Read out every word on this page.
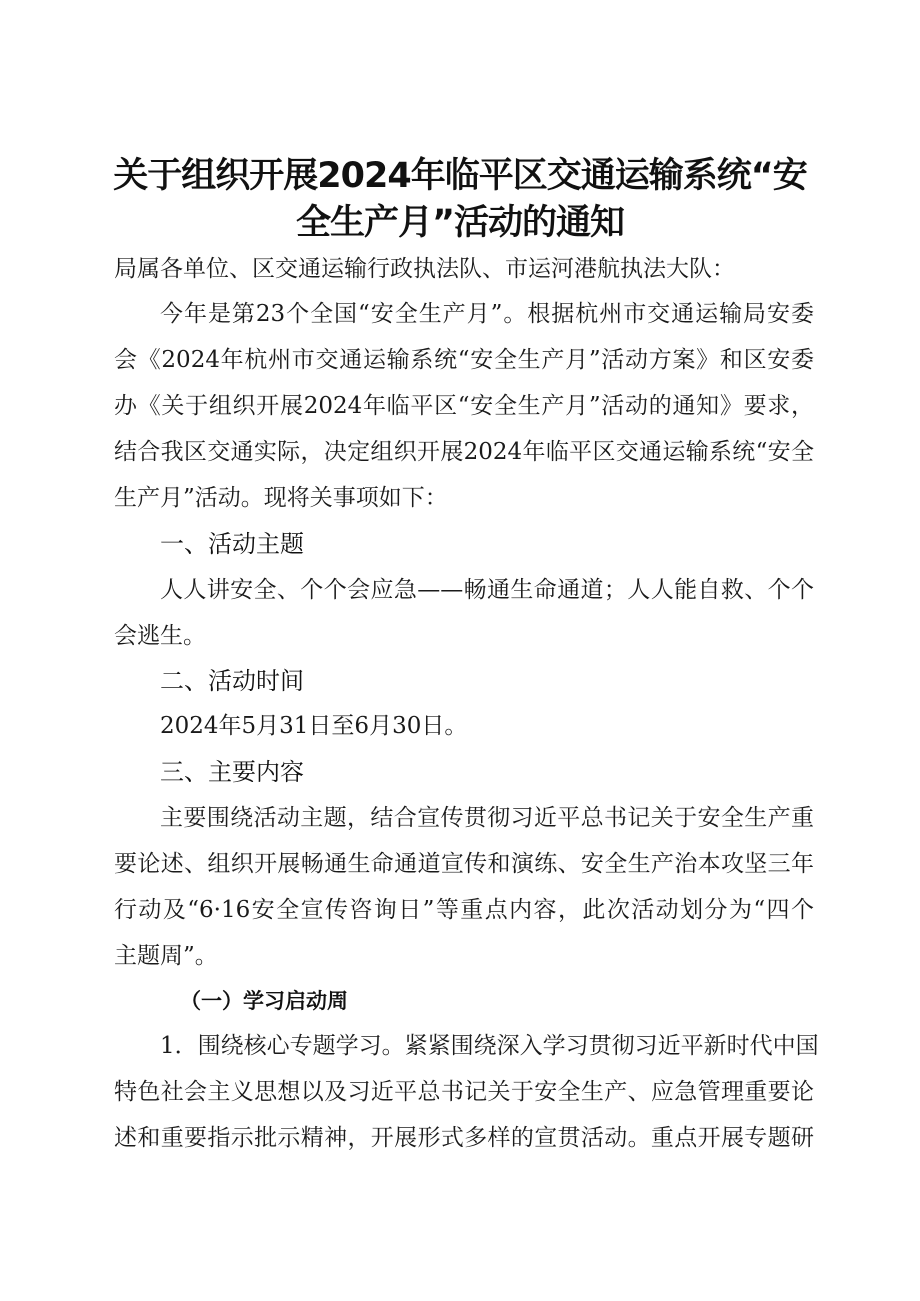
关于组织开展2024年临平区交通运输系统“安
全生产月”活动的通知
局属各单位、区交通运输行政执法队、市运河港航执法大队：
今年是第23个全国“安全生产月”。根据杭州市交通运输局安委
会《2024年杭州市交通运输系统“安全生产月”活动方案》和区安委
办《关于组织开展2024年临平区“安全生产月”活动的通知》要求，
结合我区交通实际，决定组织开展2024年临平区交通运输系统“安全
生产月”活动。现将关事项如下：
一、活动主题
人人讲安全、个个会应急——畅通生命通道；人人能自救、个个
会逃生。
二、活动时间
2024年5月31日至6月30日。
三、主要内容
主要围绕活动主题，结合宣传贯彻习近平总书记关于安全生产重
要论述、组织开展畅通生命通道宣传和演练、安全生产治本攻坚三年
行动及“6·16安全宣传咨询日”等重点内容，此次活动划分为“四个
主题周”。
（一）学习启动周
1．围绕核心专题学习。紧紧围绕深入学习贯彻习近平新时代中国
特色社会主义思想以及习近平总书记关于安全生产、应急管理重要论
述和重要指示批示精神，开展形式多样的宣贯活动。重点开展专题研
